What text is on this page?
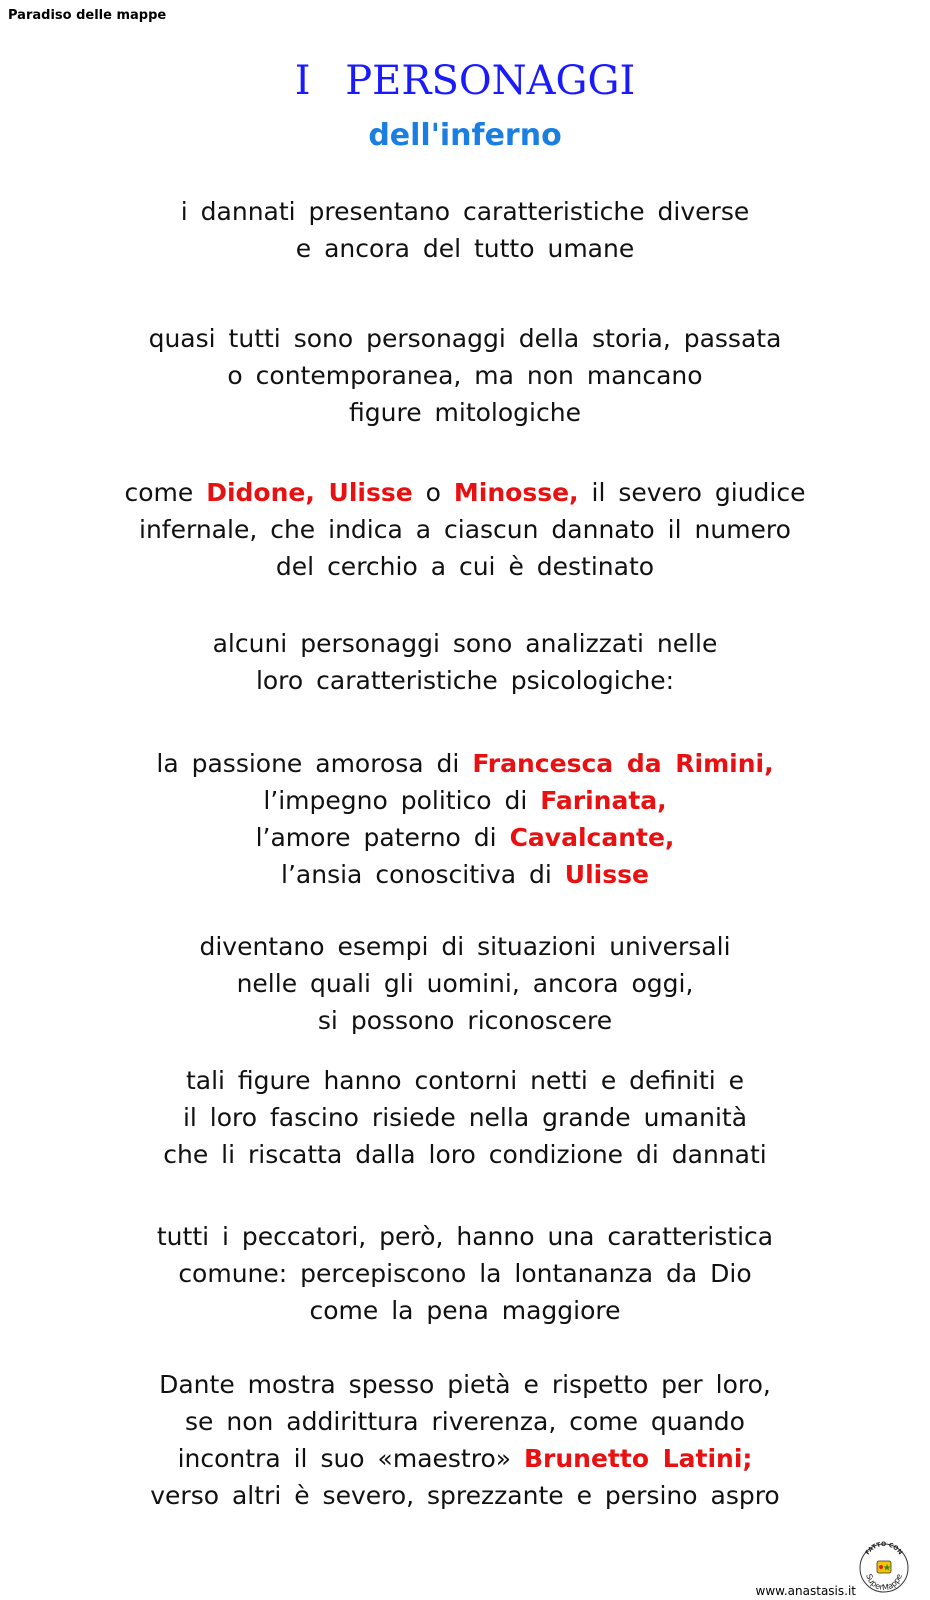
Paradiso delle mappe
I PERSONAGGI
dell'inferno
i dannati presentano caratteristiche diverse
e ancora del tutto umane
quasi tutti sono personaggi della storia, passata
o contemporanea, ma non mancano
figure mitologiche
come Didone, Ulisse o Minosse, il severo giudice
infernale, che indica a ciascun dannato il numero
del cerchio a cui è destinato
alcuni personaggi sono analizzati nelle
loro caratteristiche psicologiche:
la passione amorosa di Francesca da Rimini,
l’impegno politico di Farinata,
l’amore paterno di Cavalcante,
l’ansia conoscitiva di Ulisse
diventano esempi di situazioni universali
nelle quali gli uomini, ancora oggi,
si possono riconoscere
tali figure hanno contorni netti e definiti e
il loro fascino risiede nella grande umanità
che li riscatta dalla loro condizione di dannati
tutti i peccatori, però, hanno una caratteristica
comune: percepiscono la lontananza da Dio
come la pena maggiore
Dante mostra spesso pietà e rispetto per loro,
se non addirittura riverenza, come quando
incontra il suo «maestro» Brunetto Latini;
verso altri è severo, sprezzante e persino aspro
www.anastasis.it
FATTO CON
SuperMappe
